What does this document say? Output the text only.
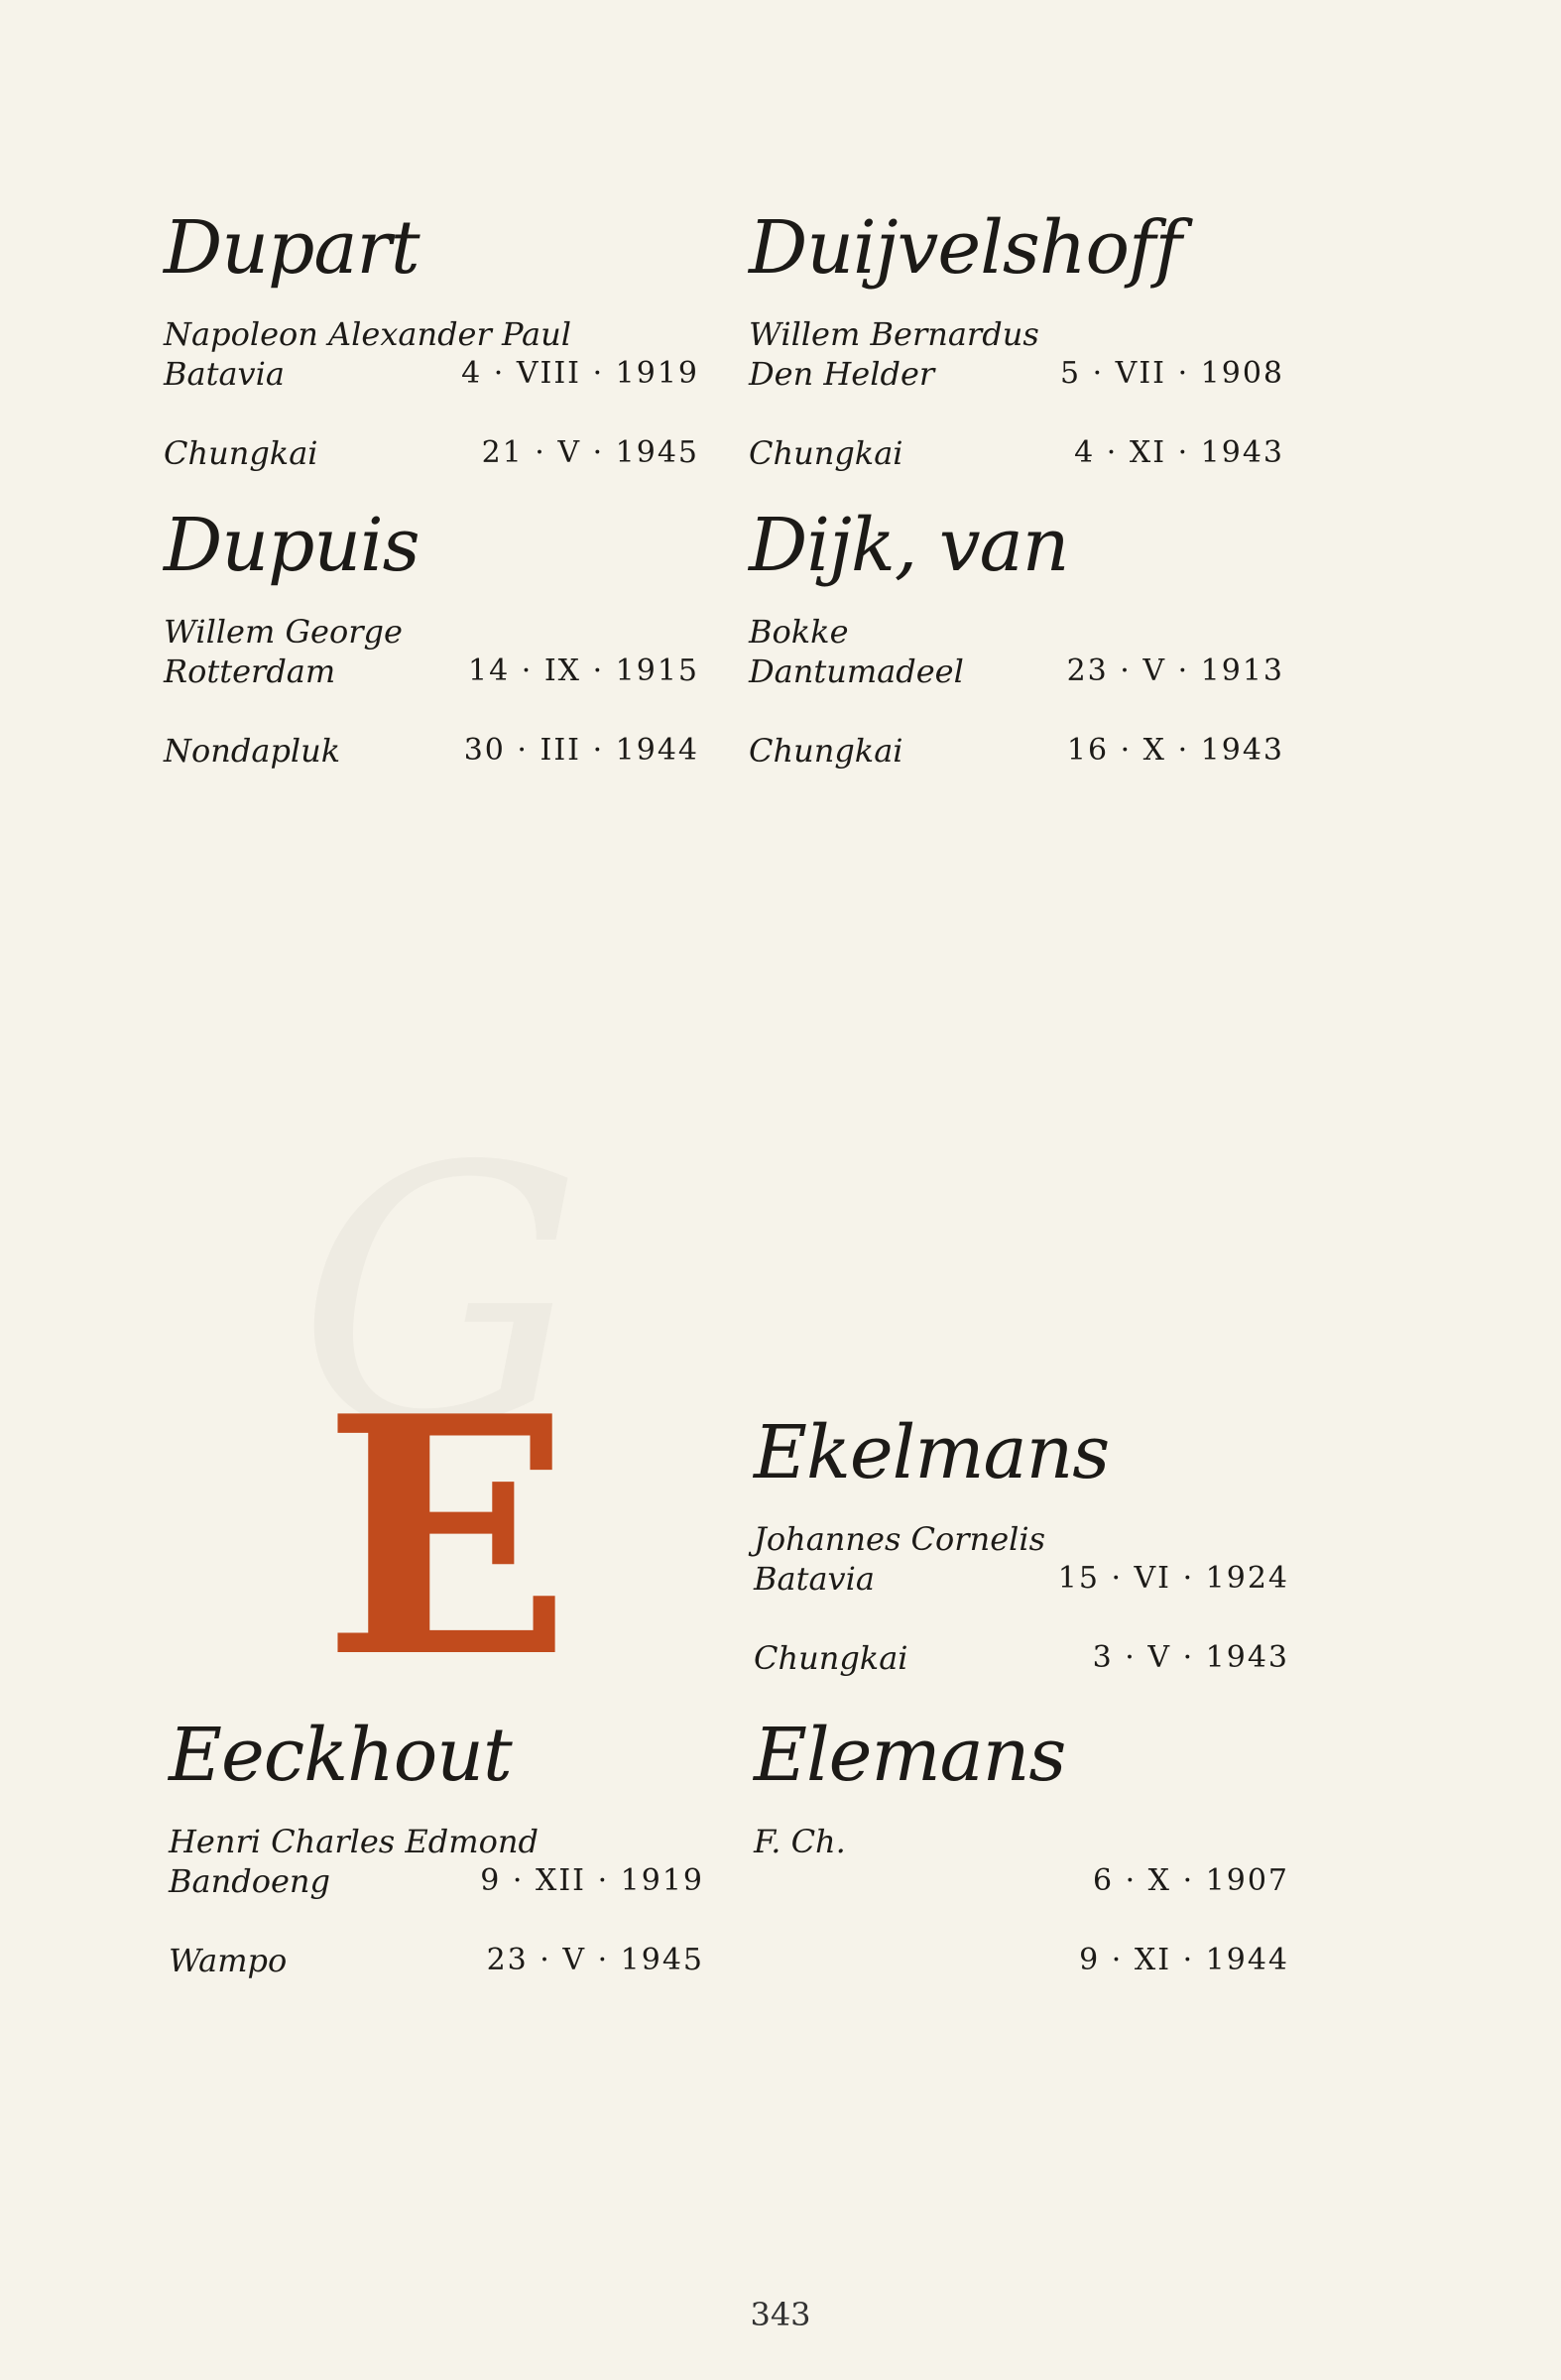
Dupart
Napoleon Alexander Paul
Batavia	4 · VIII · 1919
Chungkai	21 · V · 1945
Duijvelshoff
Willem Bernardus
Den Helder	5 · VII · 1908
Chungkai	4 · XI · 1943
Dupuis
Willem George
Rotterdam	14 · IX · 1915
Nondapluk	30 · III · 1944
Dijk, van
Bokke
Dantumadeel	23 · V · 1913
Chungkai	16 · X · 1943
E Ekelmans
Johannes Cornelis
Batavia	15 · VI · 1924
Chungkai	3 · V · 1943
Eeckhout
Henri Charles Edmond
Bandoeng	9 · XII · 1919
Wampo	23 · V · 1945
Elemans
F. Ch.
6 · X · 1907
9 · XI · 1944
343
